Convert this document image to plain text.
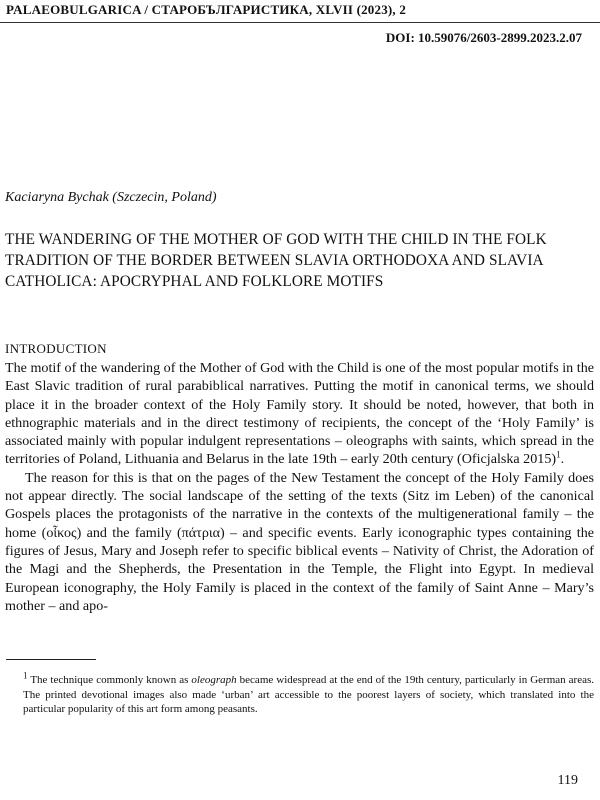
PALAEOBULGARICA / СТАРОБЪЛГАРИСТИКА, XLVII (2023), 2
DOI: 10.59076/2603-2899.2023.2.07
Kaciaryna Bychak (Szczecin, Poland)
THE WANDERING OF THE MOTHER OF GOD WITH THE CHILD IN THE FOLK TRADITION OF THE BORDER BETWEEN SLAVIA ORTHODOXA AND SLAVIA CATHOLICA: APOCRYPHAL AND FOLKLORE MOTIFS
INTRODUCTION

The motif of the wandering of the Mother of God with the Child is one of the most popular motifs in the East Slavic tradition of rural parabiblical narratives. Putting the motif in canonical terms, we should place it in the broader context of the Holy Family story. It should be noted, however, that both in ethnographic materials and in the direct testimony of recipients, the concept of the ‘Holy Family’ is associated mainly with popular indulgent representations – oleographs with saints, which spread in the territories of Poland, Lithuania and Belarus in the late 19th – early 20th century (Oficjalska 2015)$^1$.

The reason for this is that on the pages of the New Testament the concept of the Holy Family does not appear directly. The social landscape of the setting of the texts (Sitz im Leben) of the canonical Gospels places the protagonists of the narrative in the contexts of the multigenerational family – the home (οἶκος) and the family (πάτρια) – and specific events. Early iconographic types containing the figures of Jesus, Mary and Joseph refer to specific biblical events – Nativity of Christ, the Adoration of the Magi and the Shepherds, the Presentation in the Temple, the Flight into Egypt. In medieval European iconography, the Holy Family is placed in the context of the family of Saint Anne – Mary’s mother – and apo-

$^1$ The technique commonly known as oleograph became widespread at the end of the 19th century, particularly in German areas. The printed devotional images also made ‘urban’ art accessible to the poorest layers of society, which translated into the particular popularity of this art form among peasants.
119
